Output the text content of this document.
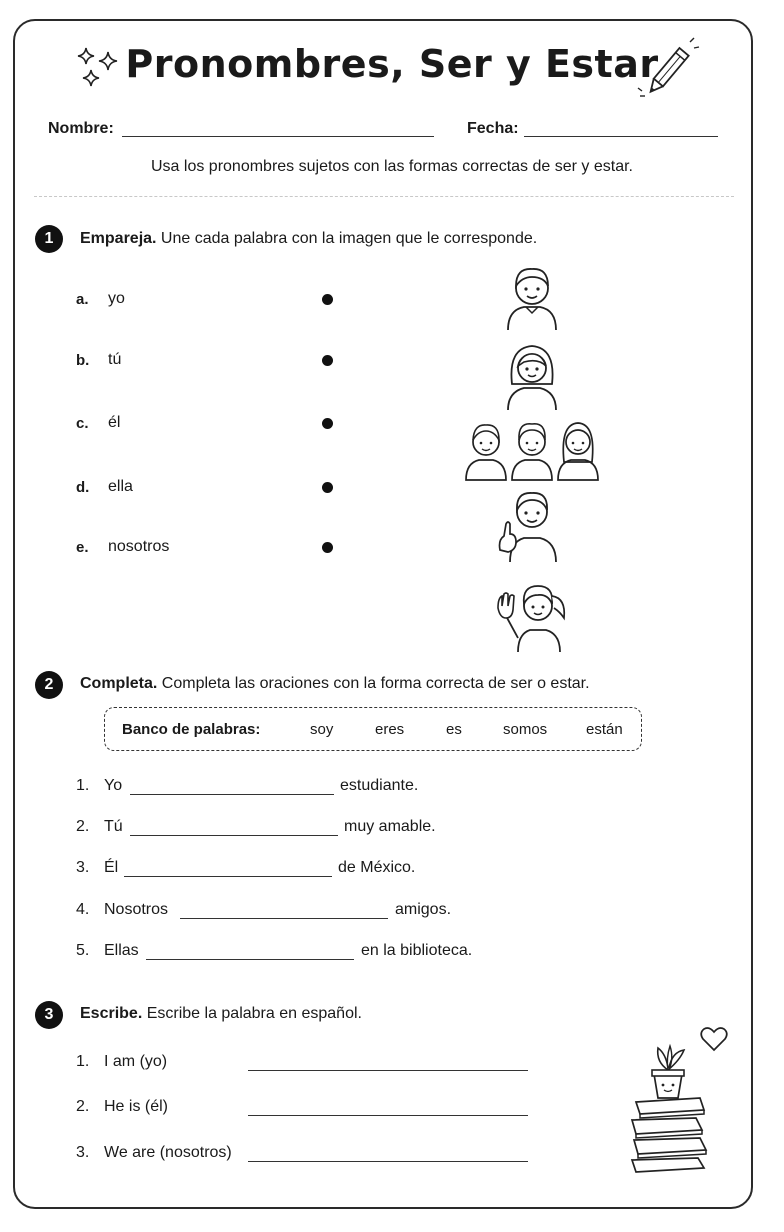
Pronombres, Ser y Estar
Nombre:	Fecha:
Usa los pronombres sujetos con las formas correctas de ser y estar.
1	Empareja. Une cada palabra con la imagen que le corresponde.
a. yo
b. tú
c. él
d. ella
e. nosotros
2	Completa. Completa las oraciones con la forma correcta de ser o estar.
Banco de palabras:	soy	eres	es	somos	están
1. Yo	estudiante.
2. Tú	muy amable.
3. Él	de México.
4. Nosotros	amigos.
5. Ellas	en la biblioteca.
3	Escribe. Escribe la palabra en español.
1. I am (yo)
2. He is (él)
3. We are (nosotros)
